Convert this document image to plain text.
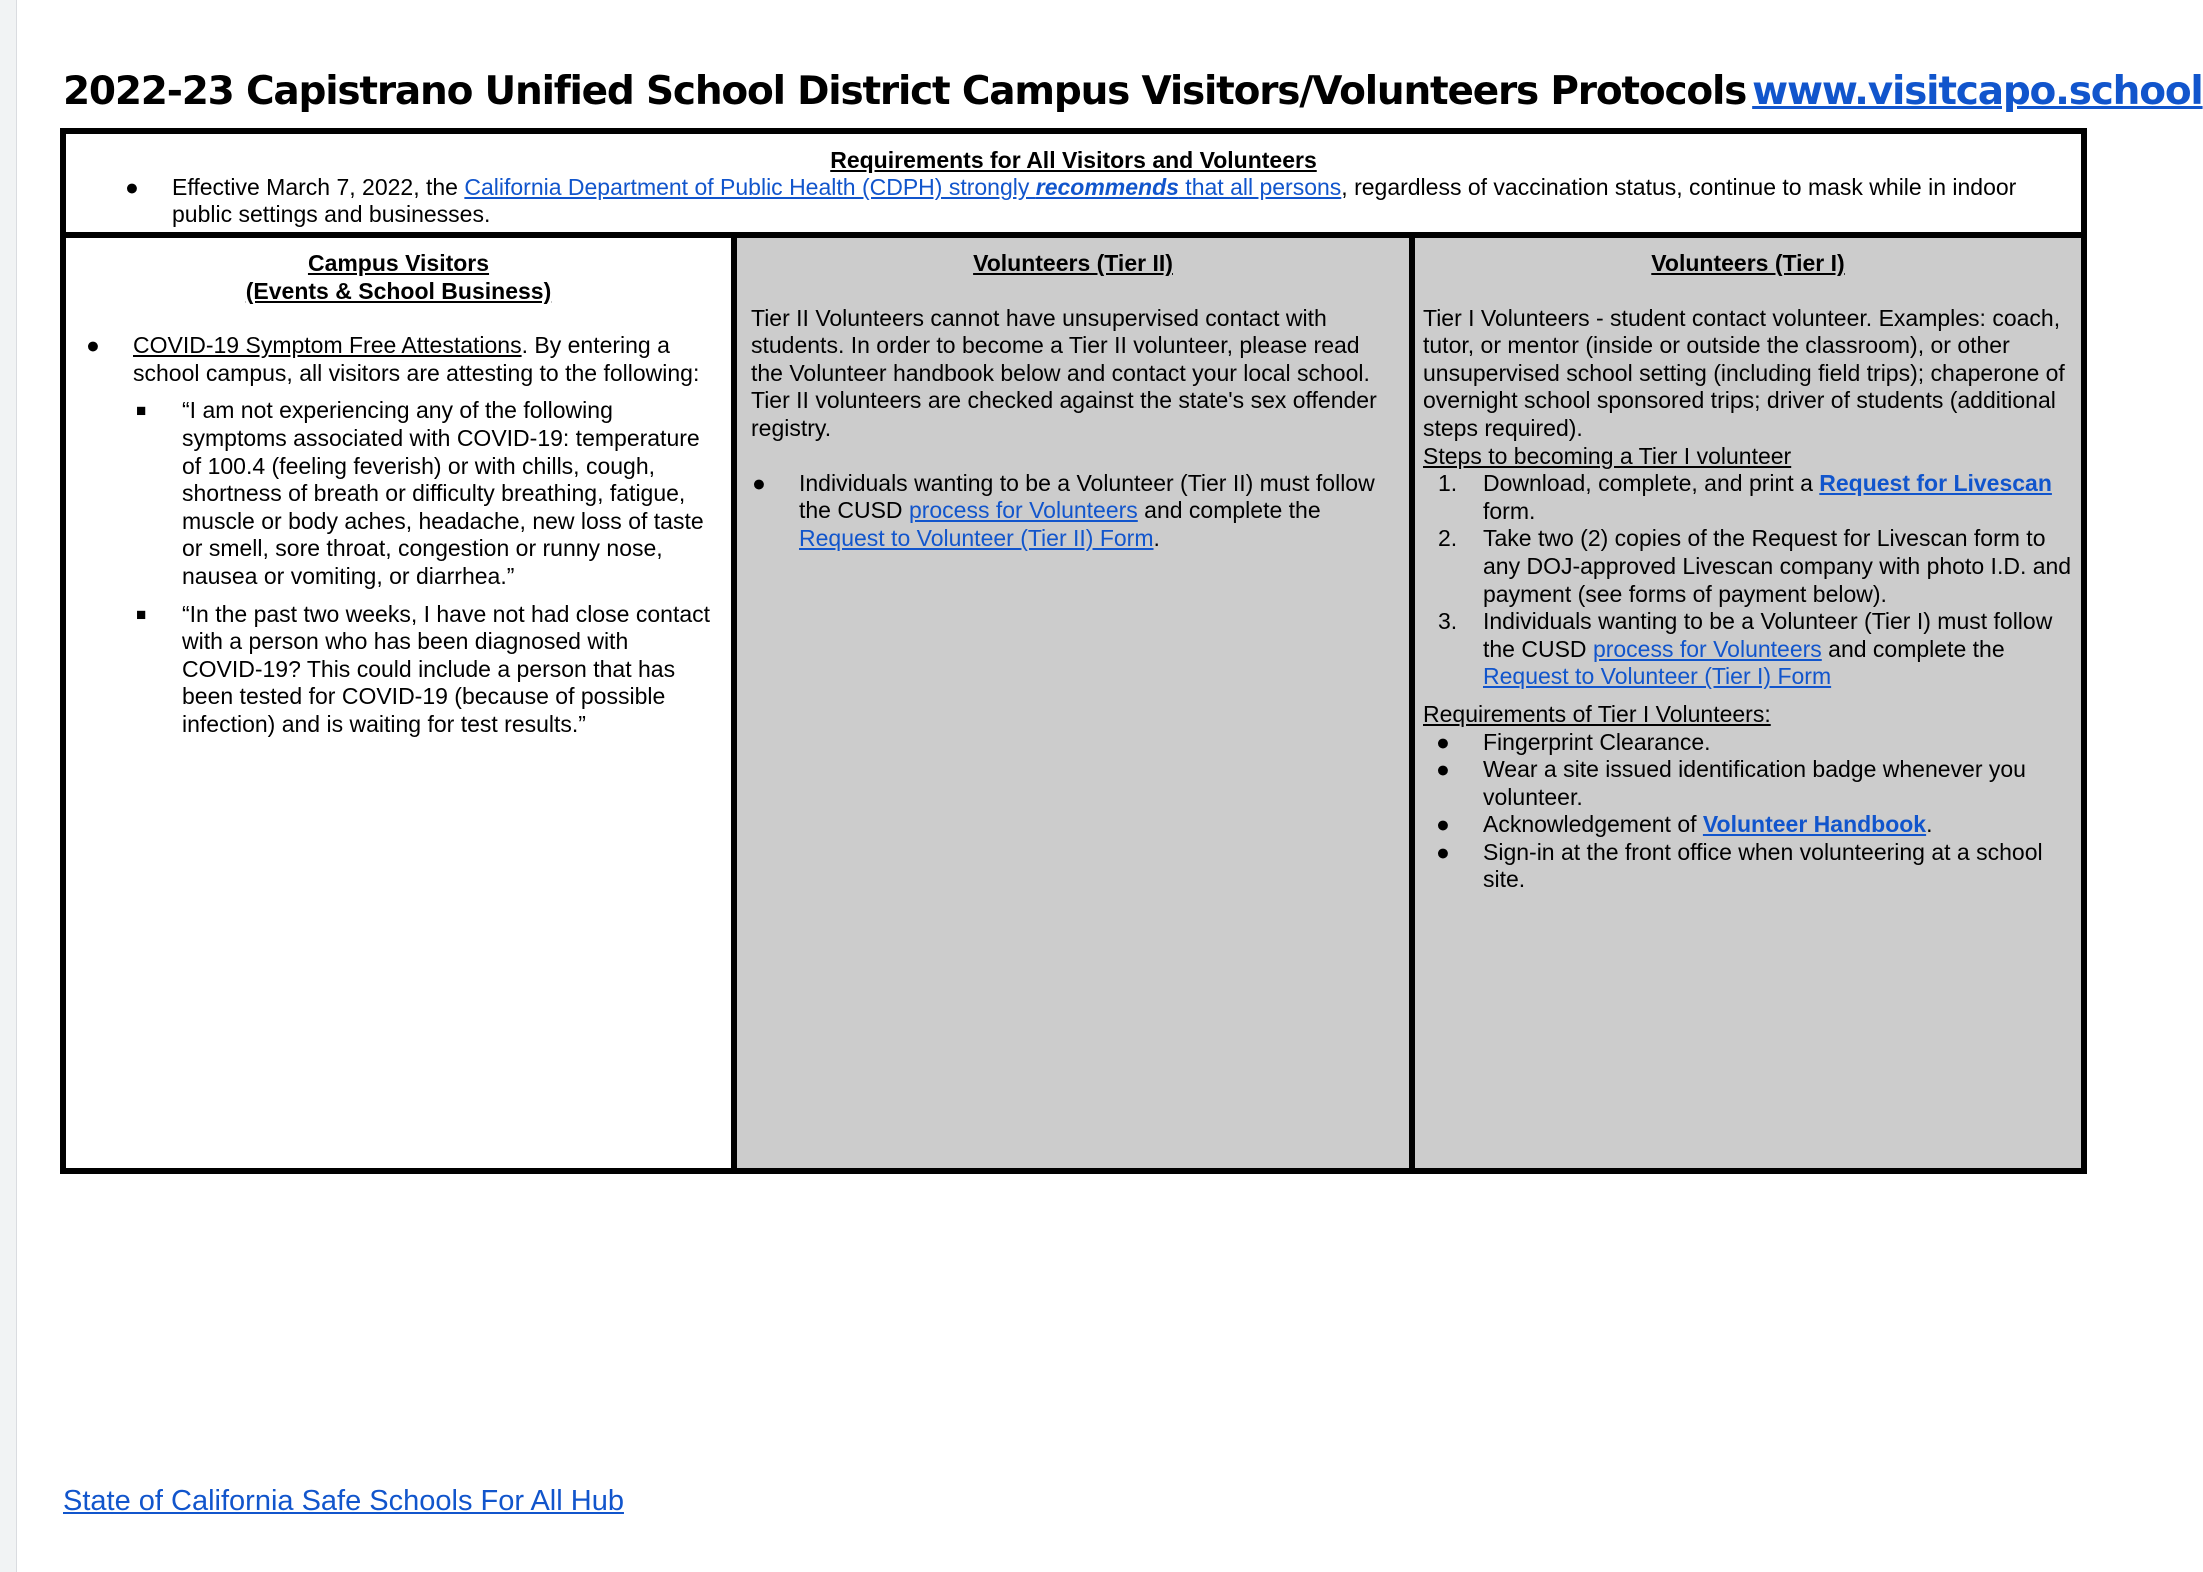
2022-23 Capistrano Unified School District Campus Visitors/Volunteers Protocols www.visitcapo.school
Requirements for All Visitors and Volunteers

● Effective March 7, 2022, the California Department of Public Health (CDPH) strongly recommends that all persons, regardless of vaccination status, continue to mask while in indoor public settings and businesses.

Campus Visitors
(Events & School Business)

● COVID-19 Symptom Free Attestations. By entering a school campus, all visitors are attesting to the following:

■ “I am not experiencing any of the following symptoms associated with COVID-19: temperature of 100.4 (feeling feverish) or with chills, cough, shortness of breath or difficulty breathing, fatigue, muscle or body aches, headache, new loss of taste or smell, sore throat, congestion or runny nose, nausea or vomiting, or diarrhea.”

■ “In the past two weeks, I have not had close contact with a person who has been diagnosed with COVID-19? This could include a person that has been tested for COVID-19 (because of possible infection) and is waiting for test results.”

Volunteers (Tier II)

Tier II Volunteers cannot have unsupervised contact with students. In order to become a Tier II volunteer, please read the Volunteer handbook below and contact your local school. Tier II volunteers are checked against the state's sex offender registry.

● Individuals wanting to be a Volunteer (Tier II) must follow the CUSD process for Volunteers and complete the Request to Volunteer (Tier II) Form.

Volunteers (Tier I)

Tier I Volunteers - student contact volunteer. Examples: coach, tutor, or mentor (inside or outside the classroom), or other unsupervised school setting (including field trips); chaperone of overnight school sponsored trips; driver of students (additional steps required).

Steps to becoming a Tier I volunteer

1. Download, complete, and print a Request for Livescan form.

2. Take two (2) copies of the Request for Livescan form to any DOJ-approved Livescan company with photo I.D. and payment (see forms of payment below).

3. Individuals wanting to be a Volunteer (Tier I) must follow the CUSD process for Volunteers and complete the Request to Volunteer (Tier I) Form

Requirements of Tier I Volunteers:

● Fingerprint Clearance.

● Wear a site issued identification badge whenever you volunteer.

● Acknowledgement of Volunteer Handbook.

● Sign-in at the front office when volunteering at a school site.

State of California Safe Schools For All Hub
